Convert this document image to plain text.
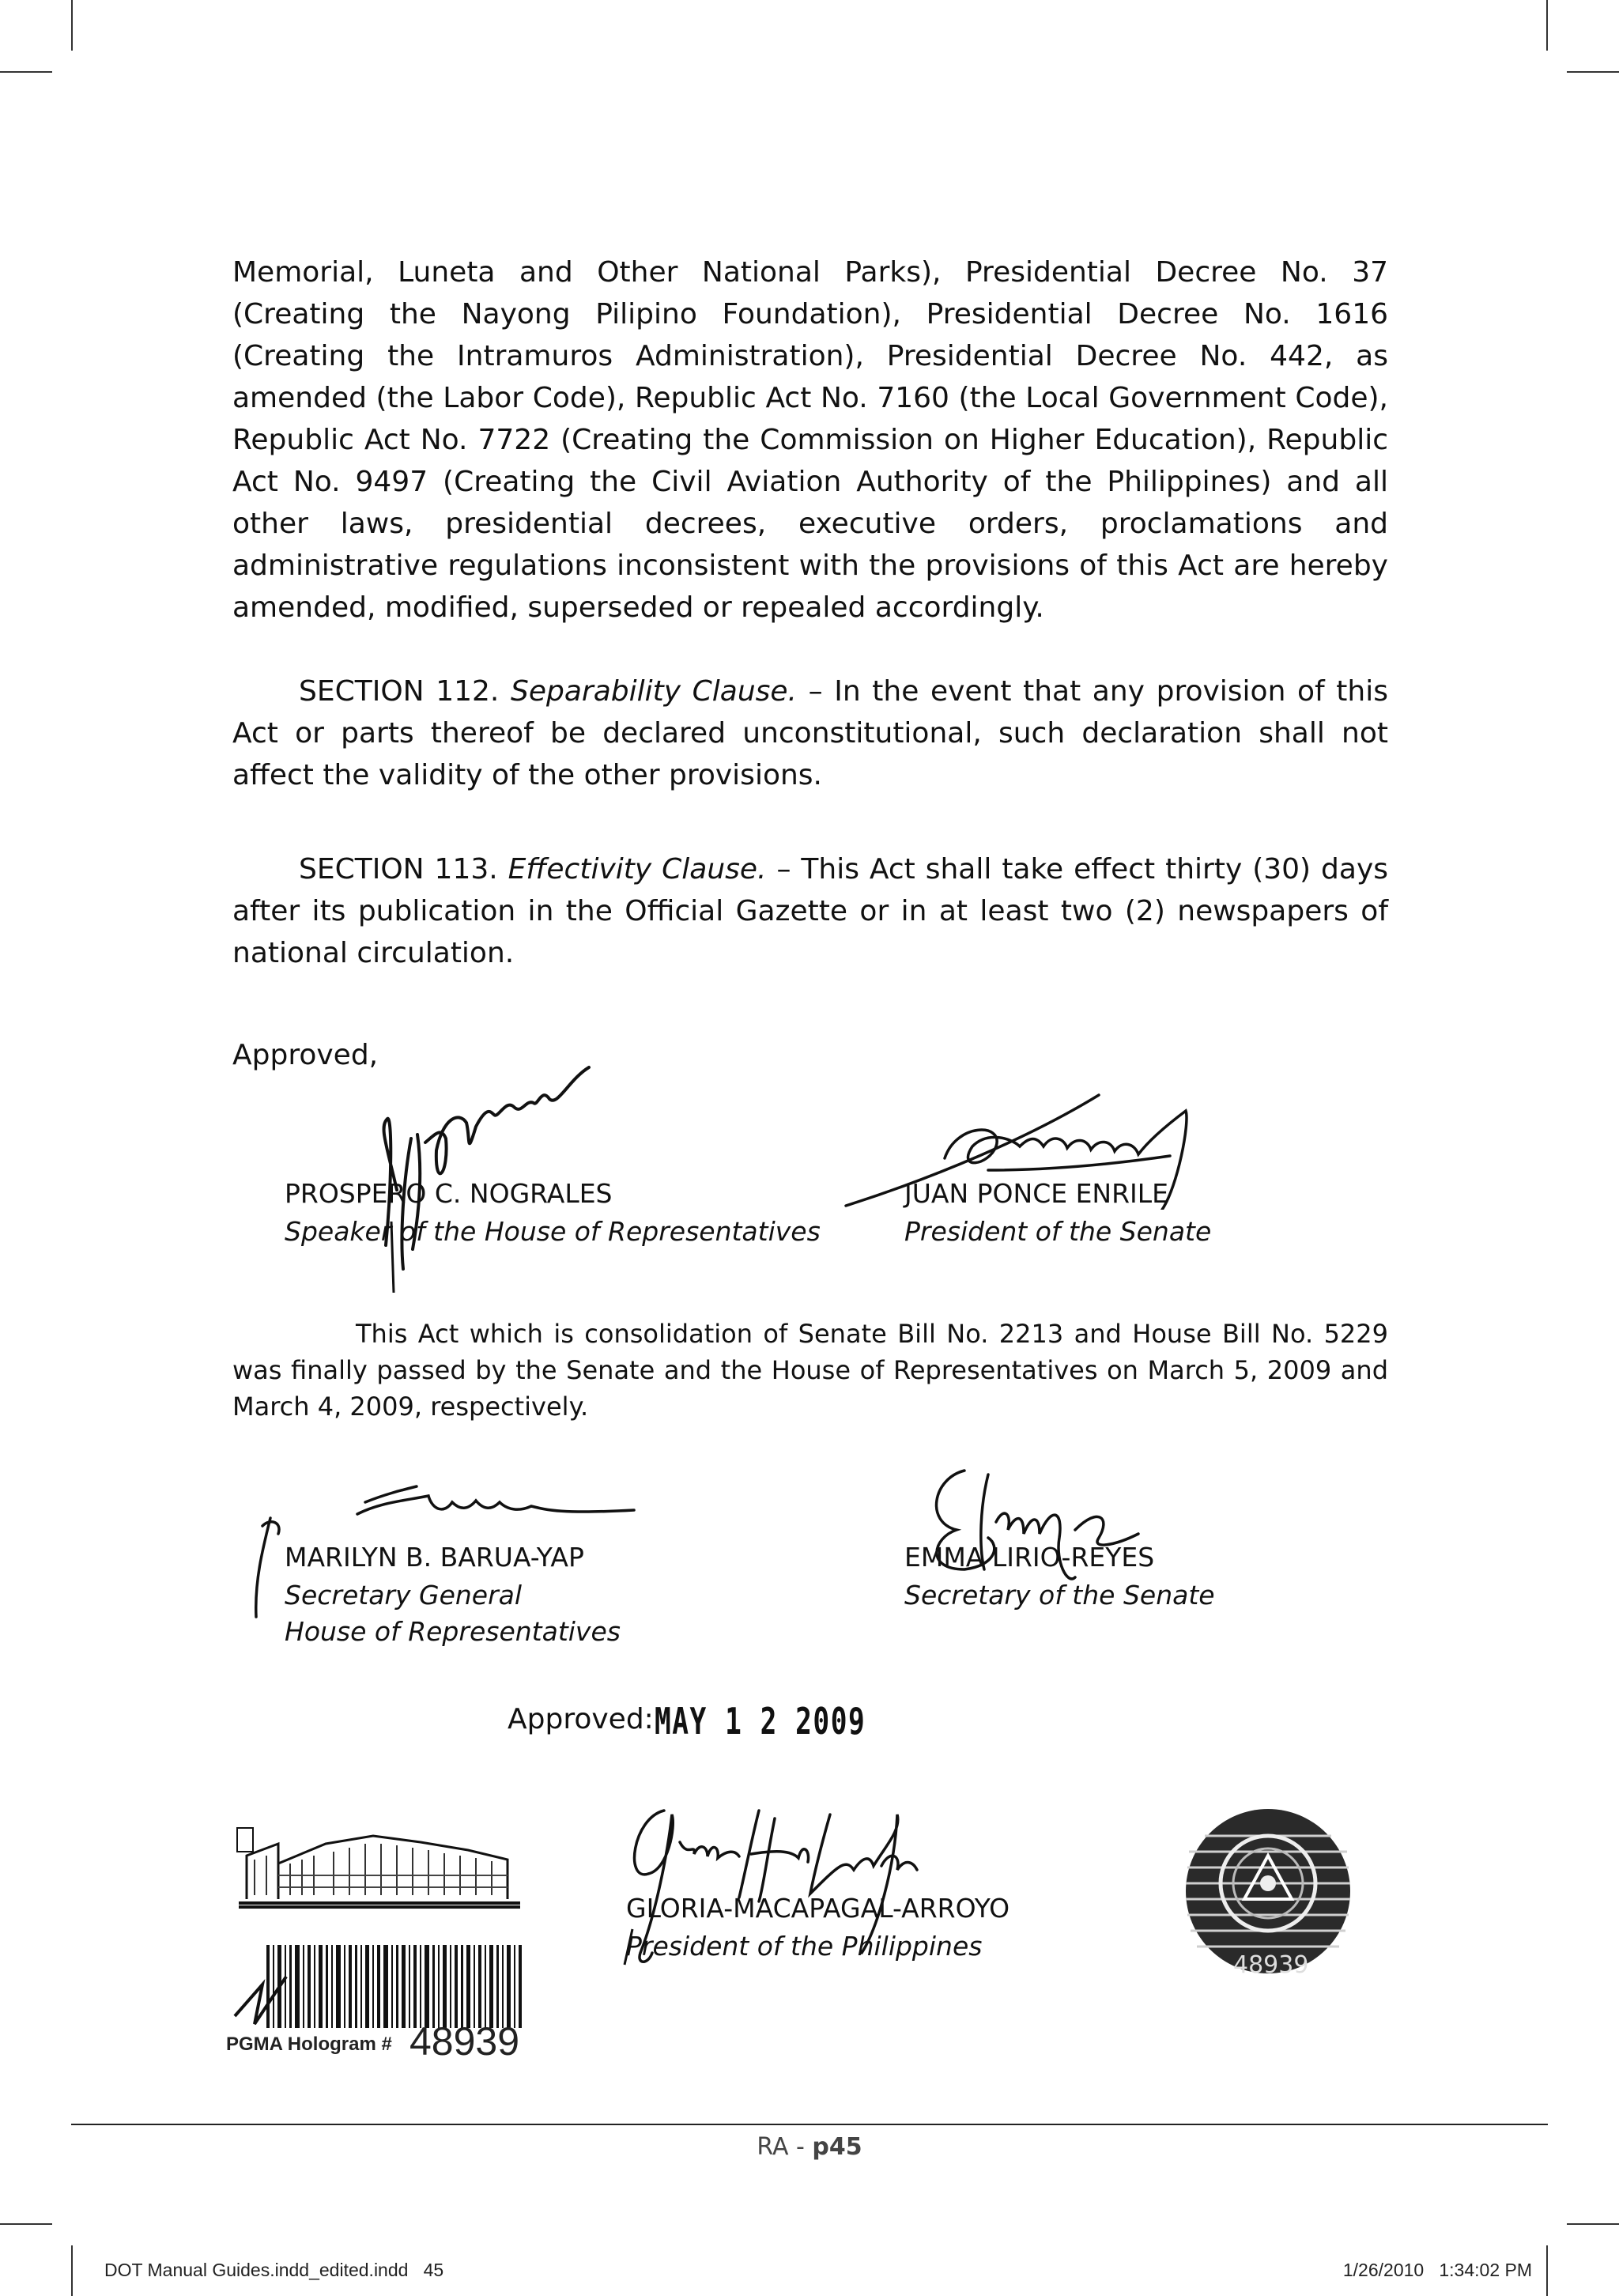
Memorial, Luneta and Other National Parks), Presidential Decree No. 37 (Creating the Nayong Pilipino Foundation), Presidential Decree No. 1616 (Creating the Intramuros Administration), Presidential Decree No. 442, as amended (the Labor Code), Republic Act No. 7160 (the Local Government Code), Republic Act No. 7722 (Creating the Commission on Higher Education), Republic Act No. 9497 (Creating the Civil Aviation Authority of the Philippines) and all other laws, presidential decrees, executive orders, proclamations and administrative regulations inconsistent with the provisions of this Act are hereby amended, modified, superseded or repealed accordingly.

SECTION 112. Separability Clause. – In the event that any provision of this Act or parts thereof be declared unconstitutional, such declaration shall not affect the validity of the other provisions.

SECTION 113. Effectivity Clause. – This Act shall take effect thirty (30) days after its publication in the Official Gazette or in at least two (2) newspapers of national circulation.

Approved,
PROSPERO C. NOGRALES
Speaker of the House of Representatives
JUAN PONCE ENRILE
President of the Senate

This Act which is consolidation of Senate Bill No. 2213 and House Bill No. 5229 was finally passed by the Senate and the House of Representatives on March 5, 2009 and March 4, 2009, respectively.

MARILYN B. BARUA-YAP
Secretary General
House of Representatives
EMMA LIRIO-REYES
Secretary of the Senate
Approved: MAY 1 2 2009
PGMA Hologram # 48939
GLORIA-MACAPAGAL-ARROYO
President of the Philippines
48939
RA - p45
DOT Manual Guides.indd_edited.indd   45	1/26/2010   1:34:02 PM
